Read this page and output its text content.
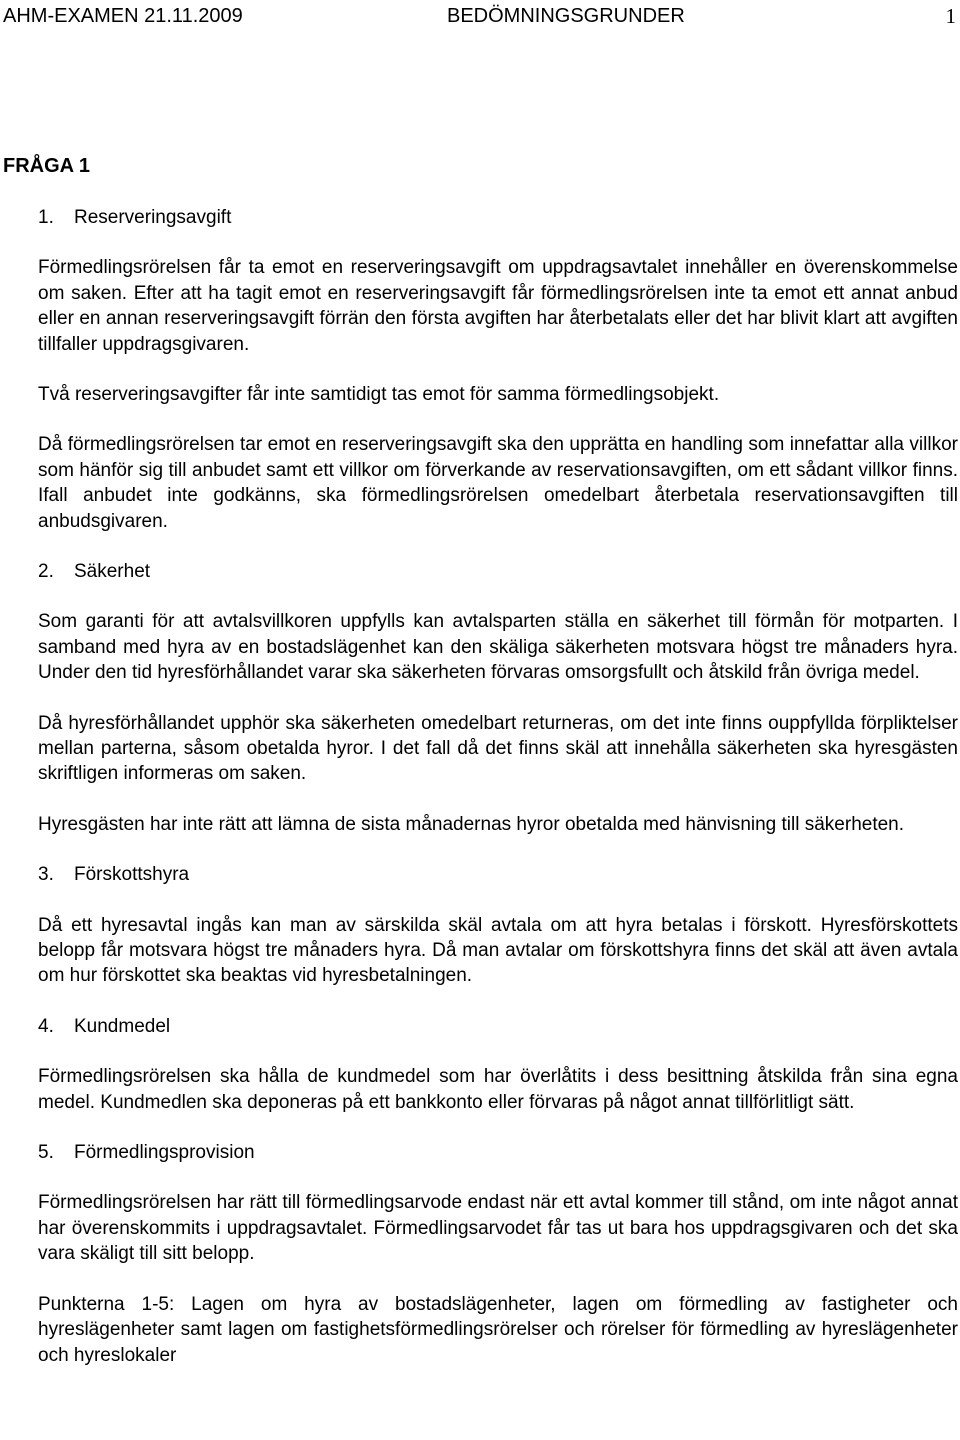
AHM-EXAMEN 21.11.2009	BEDÖMNINGSGRUNDER	1
FRÅGA 1
1.	Reserveringsavgift

Förmedlingsrörelsen får ta emot en reserveringsavgift om uppdragsavtalet innehåller en överenskommelse om saken. Efter att ha tagit emot en reserveringsavgift får förmedlingsrörelsen inte ta emot ett annat anbud eller en annan reserveringsavgift förrän den första avgiften har återbetalats eller det har blivit klart att avgiften tillfaller uppdragsgivaren.

Två reserveringsavgifter får inte samtidigt tas emot för samma förmedlingsobjekt.

Då förmedlingsrörelsen tar emot en reserveringsavgift ska den upprätta en handling som innefattar alla villkor som hänför sig till anbudet samt ett villkor om förverkande av reservationsavgiften, om ett sådant villkor finns. Ifall anbudet inte godkänns, ska förmedlingsrörelsen omedelbart återbetala reservationsavgiften till anbudsgivaren.

2.	Säkerhet

Som garanti för att avtalsvillkoren uppfylls kan avtalsparten ställa en säkerhet till förmån för motparten. I samband med hyra av en bostadslägenhet kan den skäliga säkerheten motsvara högst tre månaders hyra. Under den tid hyresförhållandet varar ska säkerheten förvaras omsorgsfullt och åtskild från övriga medel.

Då hyresförhållandet upphör ska säkerheten omedelbart returneras, om det inte finns ouppfyllda förpliktelser mellan parterna, såsom obetalda hyror. I det fall då det finns skäl att innehålla säkerheten ska hyresgästen skriftligen informeras om saken.

Hyresgästen har inte rätt att lämna de sista månadernas hyror obetalda med hänvisning till säkerheten.

3.	Förskottshyra

Då ett hyresavtal ingås kan man av särskilda skäl avtala om att hyra betalas i förskott. Hyresförskottets belopp får motsvara högst tre månaders hyra. Då man avtalar om förskottshyra finns det skäl att även avtala om hur förskottet ska beaktas vid hyresbetalningen.

4.	Kundmedel

Förmedlingsrörelsen ska hålla de kundmedel som har överlåtits i dess besittning åtskilda från sina egna medel. Kundmedlen ska deponeras på ett bankkonto eller förvaras på något annat tillförlitligt sätt.

5.	Förmedlingsprovision

Förmedlingsrörelsen har rätt till förmedlingsarvode endast när ett avtal kommer till stånd, om inte något annat har överenskommits i uppdragsavtalet. Förmedlingsarvodet får tas ut bara hos uppdragsgivaren och det ska vara skäligt till sitt belopp.

Punkterna 1-5: Lagen om hyra av bostadslägenheter, lagen om förmedling av fastigheter och hyreslägenheter samt lagen om fastighetsförmedlingsrörelser och rörelser för förmedling av hyreslägenheter och hyreslokaler
